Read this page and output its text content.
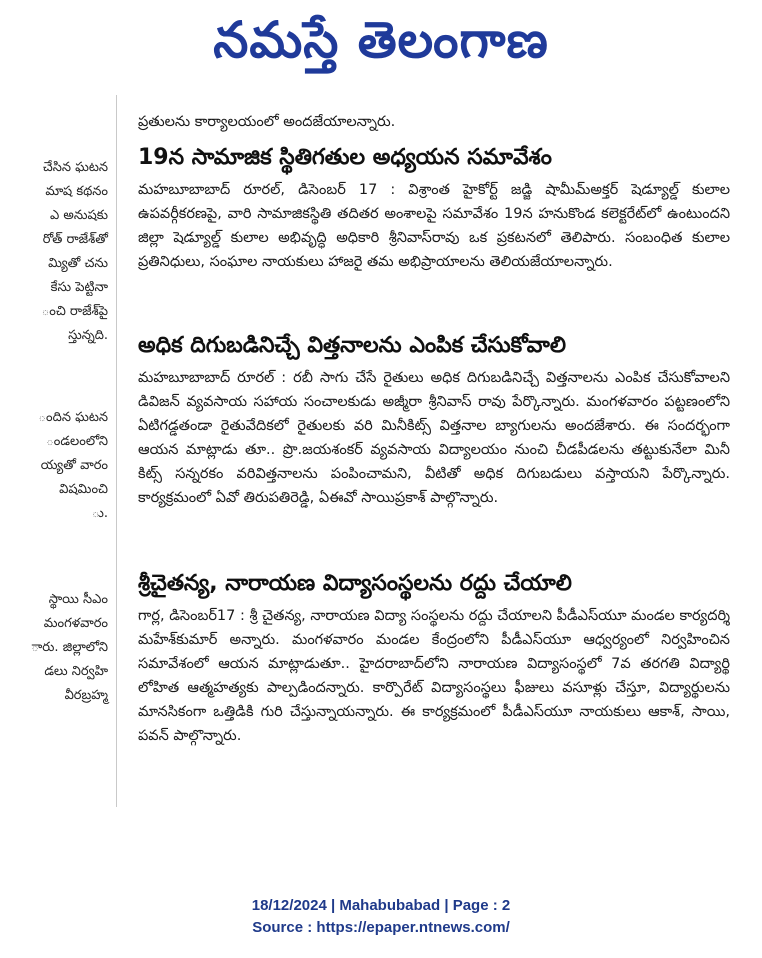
నమస్తే తెలంగాణ
చేసిన ఘటన
మాష కథనం
ఎ అనుషకు
రోత్ రాజేశ్‌తో
మ్యితో చను
కేసు పెట్టినా
ంచి రాజేశ్‌పై
స్తున్నది.
ందిన ఘటన
ండలంలోని
య్యతో వారం
విషమించి
ు.
స్థాయి సీఎం
మంగళవారం
ారు. జిల్లాలోని
డలు నిర్వహి
వీరబ్రహ్మ
ప్రతులను కార్యాలయంలో అందజేయాలన్నారు.
19న సామాజిక స్థితిగతుల అధ్యయన సమావేశం

మహబూబాబాద్ రూరల్, డిసెంబర్ 17 : విశ్రాంత హైకోర్ట్ జడ్జి షామీమ్అక్తర్ షెడ్యూల్డ్ కులాల ఉపవర్గీకరణపై, వారి సామాజికస్థితి తదితర అంశాలపై సమావేశం 19న హనుకొండ కలెక్టరేట్‌లో ఉంటుందని జిల్లా షెడ్యూల్డ్ కులాల అభివృద్ధి అధికారి శ్రీనివాస్‌రావు ఒక ప్రకటనలో తెలిపారు. సంబంధిత కులాల ప్రతినిధులు, సంఘాల నాయకులు హాజరై తమ అభిప్రాయాలను తెలియజేయాలన్నారు.

అధిక దిగుబడినిచ్చే విత్తనాలను ఎంపిక చేసుకోవాలి

మహబూబాబాద్ రూరల్ : రబీ సాగు చేసే రైతులు అధిక దిగుబడినిచ్చే విత్తనాలను ఎంపిక చేసుకోవాలని డివిజన్ వ్యవసాయ సహాయ సంచాలకుడు అజ్మీరా శ్రీనివాస్ రావు పేర్కొన్నారు. మంగళవారం పట్టణంలోని ఏటిగడ్డతండా రైతువేదికలో రైతులకు వరి మినీకిట్స్ విత్తనాల బ్యాగులను అందజేశారు. ఈ సందర్భంగా ఆయన మాట్లాడు తూ.. ప్రొ.జయశంకర్ వ్యవసాయ విద్యాలయం నుంచి చీడపీడలను తట్టుకునేలా మినీ కిట్స్ సన్నరకం వరివిత్తనాలను పంపించామని, వీటితో అధిక దిగుబడులు వస్తాయని పేర్కొన్నారు. కార్యక్రమంలో ఏవో తిరుపతిరెడ్డి, ఏఈవో సాయిప్రకాశ్ పాల్గొన్నారు.

శ్రీచైతన్య, నారాయణ విద్యాసంస్థలను రద్దు చేయాలి

గార్ల, డిసెంబర్17 : శ్రీ చైతన్య, నారాయణ విద్యా సంస్థలను రద్దు చేయాలని పీడీఎస్‌యూ మండల కార్యదర్శి మహేశ్‌కుమార్ అన్నారు. మంగళవారం మండల కేంద్రంలోని పీడీఎస్‌యూ ఆధ్వర్యంలో నిర్వహించిన సమావేశంలో ఆయన మాట్లాడుతూ.. హైదరాబాద్‌లోని నారాయణ విద్యాసంస్థలో 7వ తరగతి విద్యార్థి లోహిత ఆత్మహత్యకు పాల్పడిందన్నారు. కార్పొరేట్ విద్యాసంస్థలు ఫీజులు వసూళ్లు చేస్తూ, విద్యార్థులను మానసికంగా ఒత్తిడికి గురి చేస్తున్నాయన్నారు. ఈ కార్యక్రమంలో పీడీఎస్‌యూ నాయకులు ఆకాశ్, సాయి, పవన్ పాల్గొన్నారు.

18/12/2024 | Mahabubabad | Page : 2
Source : https://epaper.ntnews.com/
